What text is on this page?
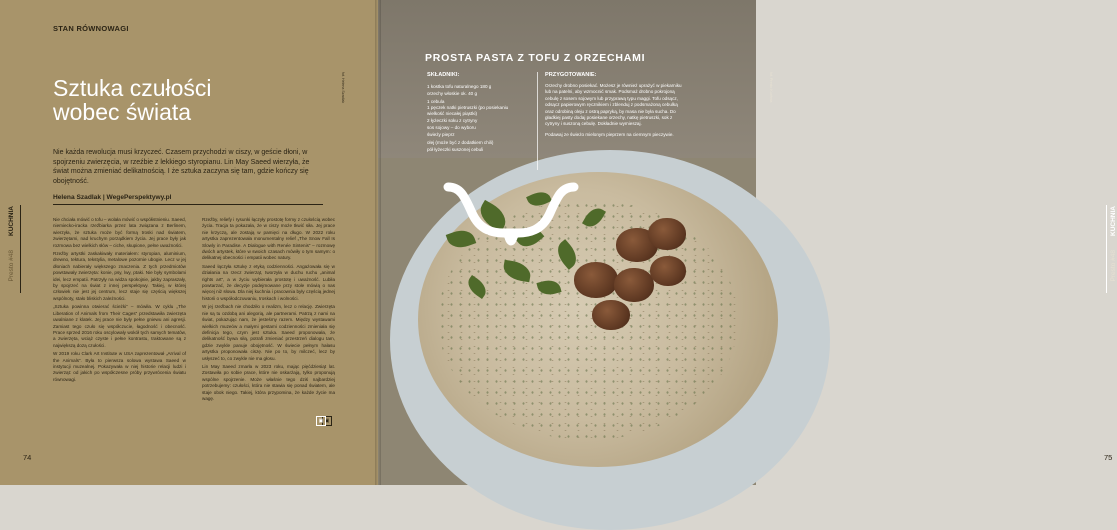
STAN RÓWNOWAGI
Sztuka czułości
wobec świata
Nie każda rewolucja musi krzyczeć. Czasem przychodzi w ciszy, w geście dłoni, w spojrzeniu zwierzęcia, w rzeźbie z lekkiego styropianu. Lin May Saeed wierzyła, że świat można zmieniać delikatnością. I że sztuka zaczyna się tam, gdzie kończy się obojętność.
Helena Szadlak | WegePerspektywy.pl

Nie chciała mówić o tofu – wolała mówić o współistnieniu. Saeed, niemiecko-iracka rzeźbiarka przez lata związana z Berlinem, wierzyła, że sztuka może być formą troski nad światem, zwierzętami, nad kruchym porządkiem życia. Jej prace były jak rozmowa bez wielkich słów – ciche, skupione, pełne uważności.

Rzeźby artystki zaskakiwały materiałem: styropian, aluminium, drewno, tektura, tekstylia, metalowe pozornie ubogie. Lecz w jej dłoniach nabierały większego znaczenia. Z tych przedmiotów powstawały zwierzęta: konie, psy, lwy, ptaki. Nie były symbolami idei, lecz empatii. Patrzyły na widza spokojnie, jakby zapraszały, by spojrzeć na świat z innej perspektywy. Takiej, w której człowiek nie jest jej centrum, lecz staje się częścią większej wspólnoty, stało bliskich zależności.

„Sztuka powinna otwierać ścieżki” – mówiła. W cyklu „The Liberation of Animals from Their Cages” przedstawiła zwierzęta uwalniane z klatek. Jej prace nie były pełne gniewu ani agresji. Zamiast tego czuło się współczucie, łagodność i obecność. Prace sprzed 2016 roku oscylowały wokół tych samych tematów, a zwierzęta, wciąż czyste i pełne kontrastu, traktowane są z największą dozą czułości.

W 2019 roku Clark Art Institute w USA zaprezentował „Arrival of the Animals”. Była to pierwsza solowa wystawa Saeed w instytucji muzealnej. Pokazywała w niej historie relacji ludzi i zwierząt: od jakich po współczesne próby przywrócenia światu równowagi.

Rzeźby, reliefy i rysunki łączyły prostotę formy z czułością wobec życia. Tracja ta pokazała, że w ciszy może tkwić siła. Jej prace nie krzyczą, ale zostają w pamięci na długo. W 2022 roku artystka zaprezentowała monumentalny relief „The Snow Fall Is Slowly in Paradise. A Dialogue with Renée Sintenis” – rozmowę dwóch artystek, które w swoich czasach mówiły o tym samym: o delikatnej obecności i empatii wobec natury.

Saeed łączyła sztukę z etyką codzienności. Angażowała się w działania na rzecz zwierząt, tworzyła w duchu ruchu „animal rights art”, a w życiu wybierała prostotę i uważność. Lubiła powtarzać, że decyzje podejmowane przy stole mówią o nas więcej niż słowa. Dla niej kuchnia i pracownia były częścią jednej historii o współodczuwaniu, troskach i wolności.

W jej rzeźbach nie chodziło o realizm, lecz o relację. Zwierzęta nie są tu ozdobą ani alegorią, ale partnerami. Patrzą z nami na świat, pokazując nam, że jesteśmy razem. Między wystawami wielkich muzeów a małymi gestami codzienności zmieniała się definicja tego, czym jest sztuka. Saeed proponowała, że delikatność bywa siłą, potrafi zmieniać przestrzeń dialogu tam, gdzie zwykle panuje obojętność. W świecie pełnym hałasu artystka proponowała ciszę. Nie po to, by milczeć, lecz by usłyszeć to, co zwykle nie ma głosu.

Lin May Saeed zmarła w 2023 roku, mając pięćdziesiąt lat. Zostawiła po sobie prace, które nie oskarżają, tylko proponują wspólne spojrzenie. Może właśnie tego dziś najbardziej potrzebujemy: czułości, która nie stawia się ponad światem, ale staje obok niego. Takiej, która przypomina, że każde życie ma wagę.

KUCHNIA
Presto #48
fot. Helena Szadlak
▣
74
fot. Presto Kuchnia
KUCHNIA
Presto #48
75
PROSTA PASTA Z TOFU Z ORZECHAMI
SKŁADNIKI:	PRZYGOTOWANIE:
1 kostka tofu naturalnego 180 g
orzechy włoskie ok. 40 g
1 cebula
1 pęczek natki pietruszki (po posiekaniu wielkość niecałej piąstki)
2 łyżeczki soku z cytryny
sos sojowy – do wyboru
świeży pieprz
olej (może być z dodatkiem chili)
pół łyżeczki suszonej cebuli

Orzechy drobno posiekać. Możesz je również uprażyć w piekarniku lub na patelni, aby wzmocnić smak. Podsmaż drobno pokrojoną cebulę z sosem sojowym lub przyprawą typu maggi. Tofu odsącz, odsącz papierowym ręcznikiem i zblenduj z podsmażoną cebulką oraz odrobiną oleju z ostrą papryką, by masa nie była sucha. Do gładkiej pasty dodaj posiekane orzechy, natkę pietruszki, sok z cytryny i suszoną cebulę. Dokładnie wymieszaj.

Podawaj ze świeżo mielonym pieprzem na ciemnym pieczywie.

▣
